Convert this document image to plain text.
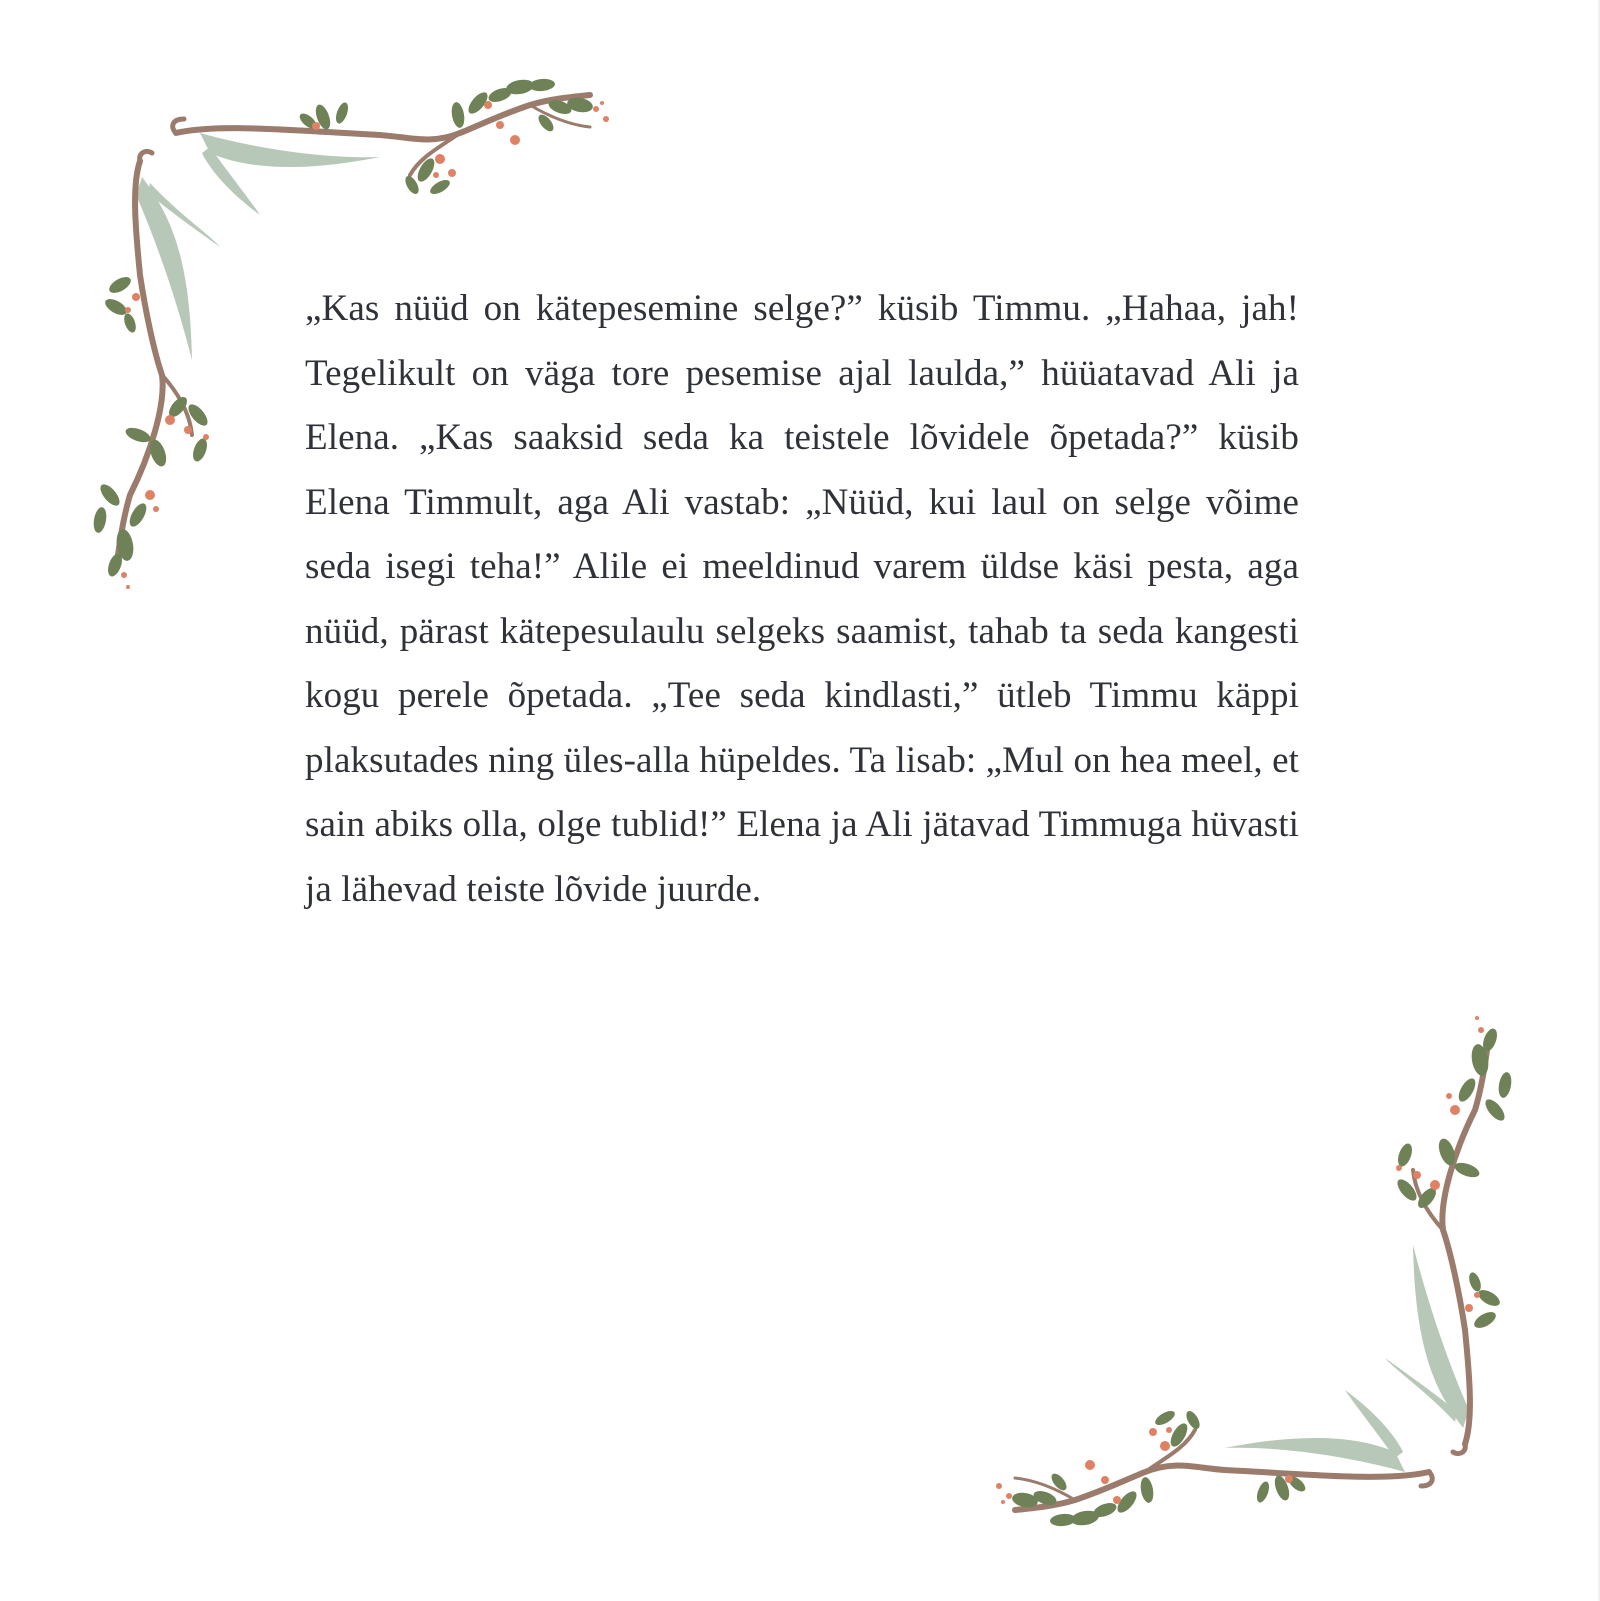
„Kas nüüd on kätepesemine selge?” küsib Timmu. „Hahaa, jah! Tegelikult on väga tore pesemise ajal laulda,” hüüatavad Ali ja Elena. „Kas saaksid seda ka teistele lõvidele õpetada?” küsib Elena Timmult, aga Ali vastab: „Nüüd, kui laul on selge võime seda isegi teha!” Alile ei meeldinud varem üldse käsi pesta, aga nüüd, pärast kätepesulaulu selgeks saamist, tahab ta seda kangesti kogu perele õpetada. „Tee seda kindlasti,” ütleb Timmu käppi plaksutades ning üles-alla hüpeldes. Ta lisab: „Mul on hea meel, et sain abiks olla, olge tublid!” Elena ja Ali jätavad Timmuga hüvasti ja lähevad teiste lõvide juurde.
